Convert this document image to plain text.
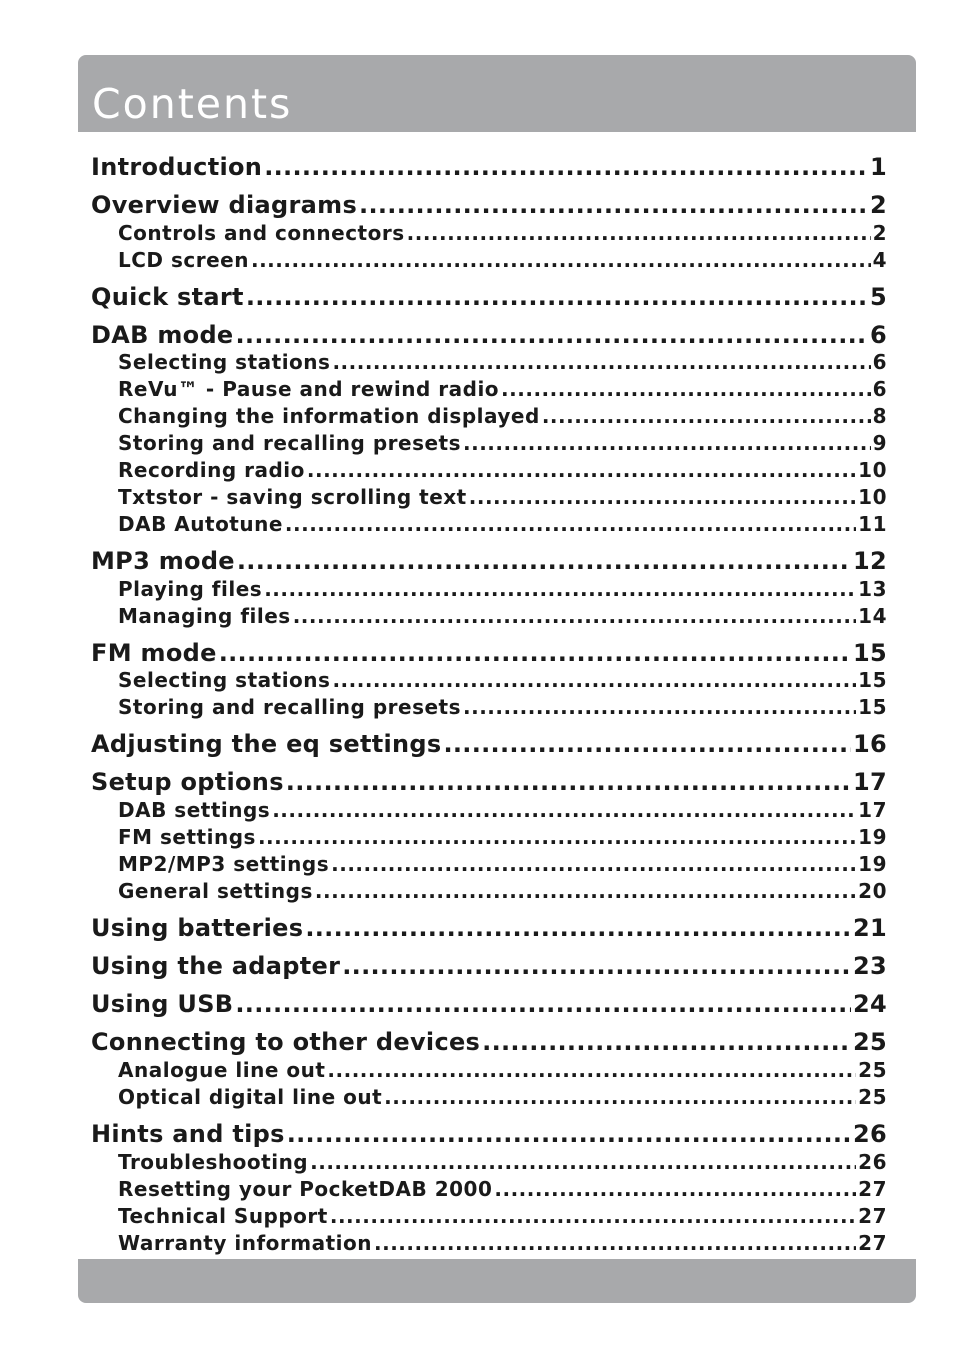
Contents
Introduction .....	1
Overview diagrams .....	2
Controls and connectors .....	2
LCD screen .....	4
Quick start .....	5
DAB mode .....	6
Selecting stations .....	6
ReVu™ - Pause and rewind radio .....	6
Changing the information displayed .....	8
Storing and recalling presets .....	9
Recording radio .....	10
Txtstor - saving scrolling text .....	10
DAB Autotune .....	11
MP3 mode .....	12
Playing files .....	13
Managing files .....	14
FM mode .....	15
Selecting stations .....	15
Storing and recalling presets .....	15
Adjusting the eq settings .....	16
Setup options .....	17
DAB settings .....	17
FM settings .....	19
MP2/MP3 settings .....	19
General settings .....	20
Using batteries .....	21
Using the adapter .....	23
Using USB .....	24
Connecting to other devices .....	25
Analogue line out .....	25
Optical digital line out .....	25
Hints and tips .....	26
Troubleshooting .....	26
Resetting your PocketDAB 2000 .....	27
Technical Support .....	27
Warranty information .....	27
